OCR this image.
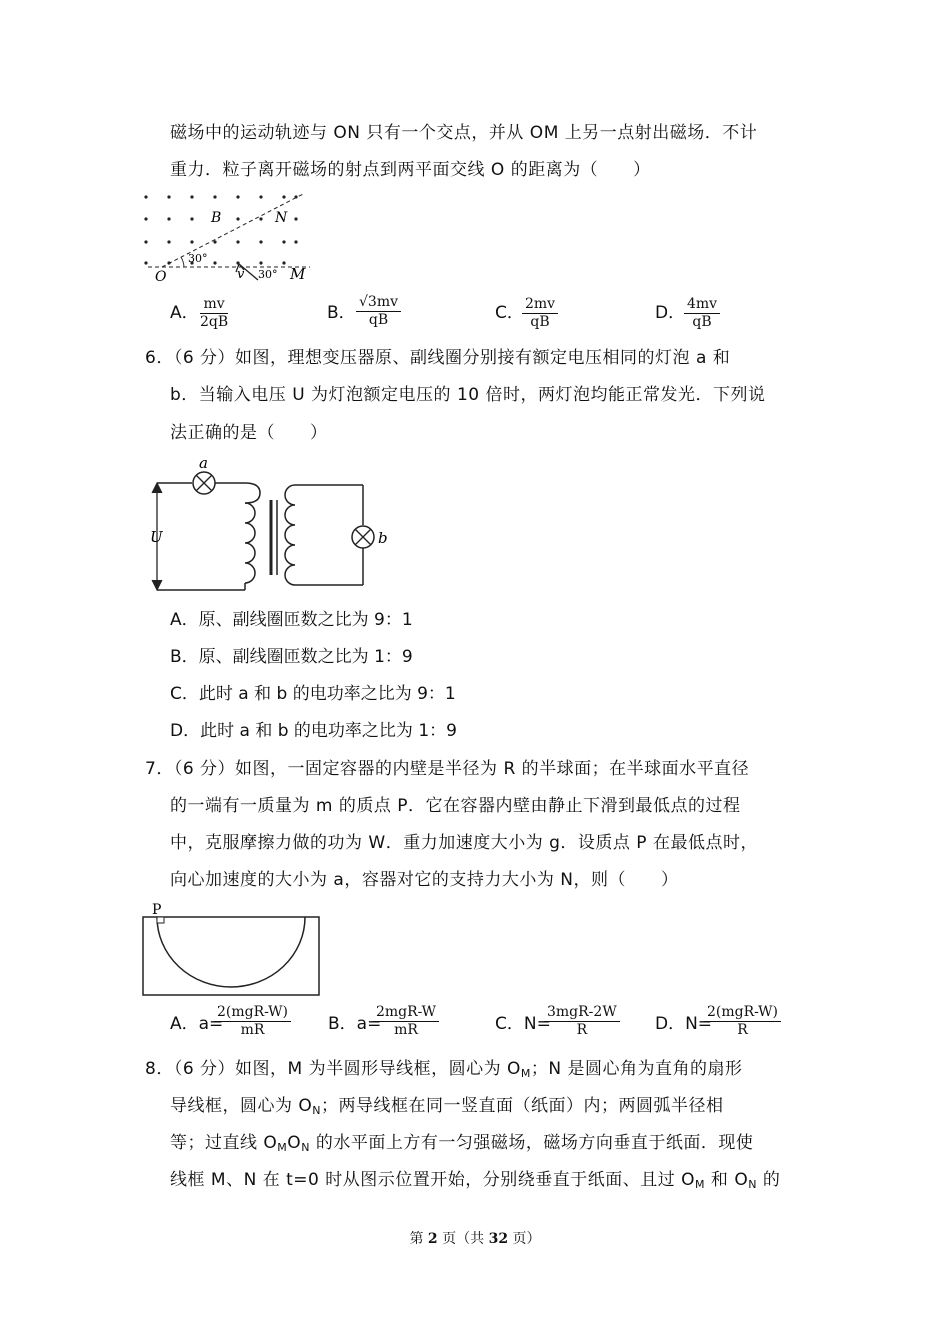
磁场中的运动轨迹与 ON 只有一个交点，并从 OM 上另一点射出磁场．不计
重力．粒子离开磁场的射点到两平面交线 O 的距离为（　　）
B	N
30°
O	v 30° M
A．
$\frac{mv}{2qB}$	B． $\frac{√3mv}{qB}$	C．
$\frac{2mv}{qB}$	D．
$\frac{4mv}{qB}$
6．（6 分）如图，理想变压器原、副线圈分别接有额定电压相同的灯泡 a 和
b．当输入电压 U 为灯泡额定电压的 10 倍时，两灯泡均能正常发光．下列说
法正确的是（　　）
a
b
U
A．原、副线圈匝数之比为 9：1
B．原、副线圈匝数之比为 1：9
C．此时 a 和 b 的电功率之比为 9：1
D．此时 a 和 b 的电功率之比为 1：9
7．（6 分）如图，一固定容器的内壁是半径为 R 的半球面；在半球面水平直径
的一端有一质量为 m 的质点 P．它在容器内壁由静止下滑到最低点的过程
中，克服摩擦力做的功为 W．重力加速度大小为 g．设质点 P 在最低点时，
向心加速度的大小为 a，容器对它的支持力大小为 N，则（　　）
P
A．a=
2(mgR-W)
mR	B．a=
2mgR-W
mR	C．N=
3mgR-2W
R	D．N=
2(mgR-W)
R
8．（6 分）如图，M 为半圆形导线框，圆心为 $O_M$；N 是圆心角为直角的扇形
导线框，圆心为 $O_N$；两导线框在同一竖直面（纸面）内；两圆弧半径相
等；过直线 $O_MO_N$ 的水平面上方有一匀强磁场，磁场方向垂直于纸面．现使
线框 M、N 在 t=0 时从图示位置开始，分别绕垂直于纸面、且过 $O_M$ 和 $O_N$ 的
第 2 页（共 32 页）
